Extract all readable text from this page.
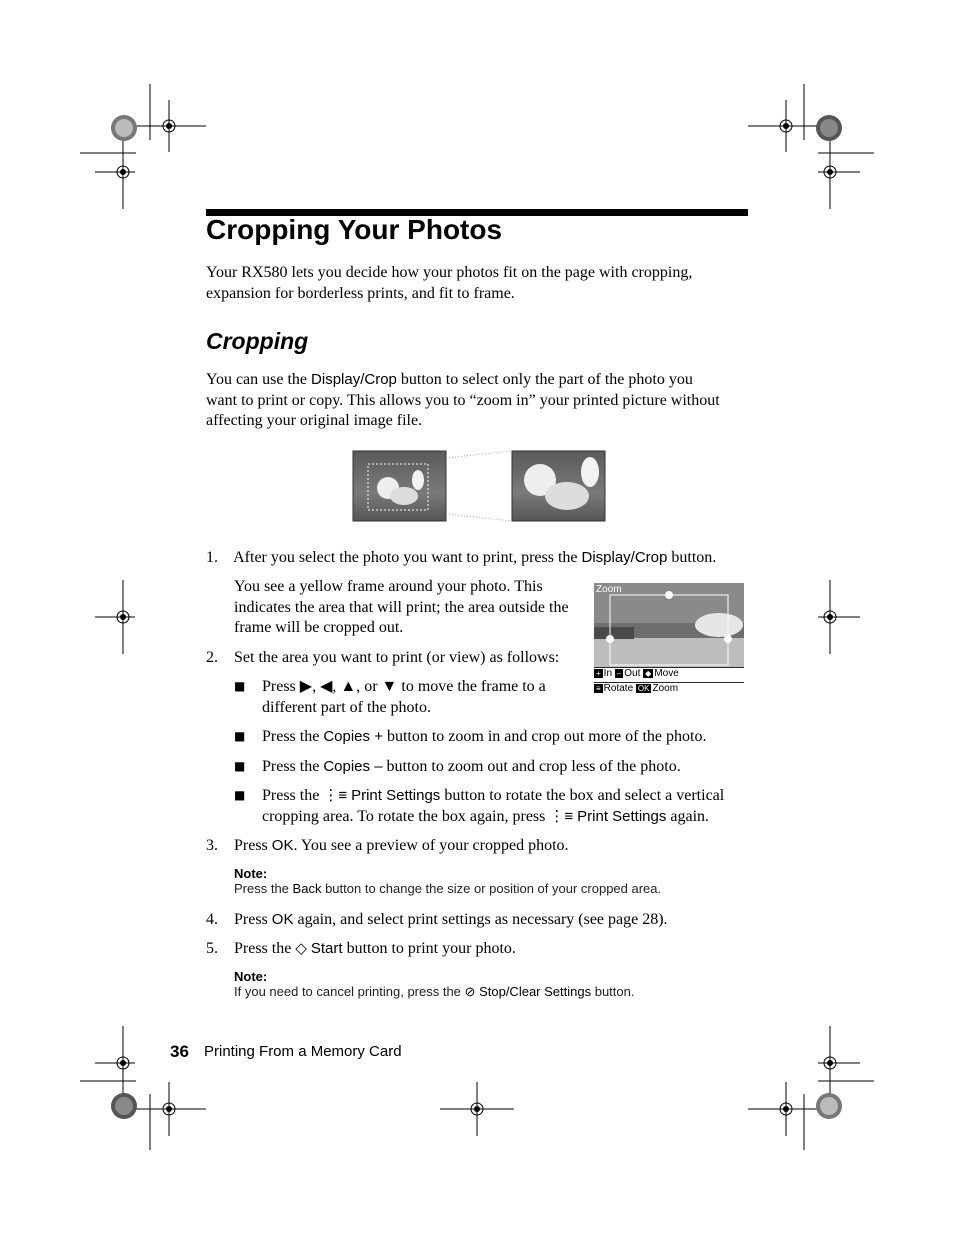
Cropping Your Photos
Your RX580 lets you decide how your photos fit on the page with cropping,
expansion for borderless prints, and fit to frame.
Cropping
You can use the Display/Crop button to select only the part of the photo you
want to print or copy. This allows you to “zoom in” your printed picture without
affecting your original image file.
1. After you select the photo you want to print, press the Display/Crop button.
You see a yellow frame around your photo. This
indicates the area that will print; the area outside the
frame will be cropped out.
Zoom
+ In – Out ◆ Move
≡ Rotate OK Zoom
2. Set the area you want to print (or view) as follows:
■ Press ▶, ◀, ▲, or ▼ to move the frame to a
different part of the photo.
■ Press the Copies + button to zoom in and crop out more of the photo.
■ Press the Copies – button to zoom out and crop less of the photo.
■ Press the ⋮≡ Print Settings button to rotate the box and select a vertical
cropping area. To rotate the box again, press ⋮≡ Print Settings again.
3. Press OK. You see a preview of your cropped photo.
Note:
Press the Back button to change the size or position of your cropped area.
4. Press OK again, and select print settings as necessary (see page 28).
5. Press the ◇ Start button to print your photo.
Note:
If you need to cancel printing, press the ⊘ Stop/Clear Settings button.
36 Printing From a Memory Card
